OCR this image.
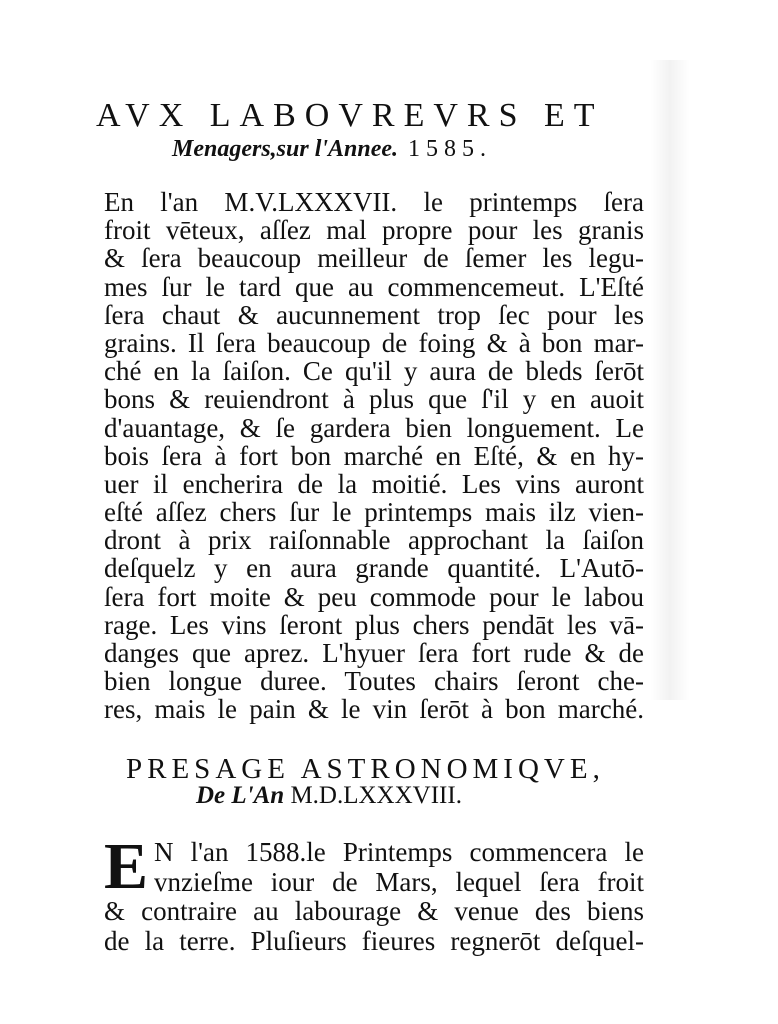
AVX LABOVREVRS ET
Menagers,sur l'Annee. 1585.
En l'an M.V.LXXXVII. le printemps ſera
froit vēteux, aſſez mal propre pour les granis
& ſera beaucoup meilleur de ſemer les legu-
mes ſur le tard que au commencemeut. L'Eſté
ſera chaut & aucunnement trop ſec pour les
grains. Il ſera beaucoup de foing & à bon mar-
ché en la ſaiſon. Ce qu'il y aura de bleds ſerōt
bons & reuiendront à plus que ſ'il y en auoit
d'auantage, & ſe gardera bien longuement. Le
bois ſera à fort bon marché en Eſté, & en hy-
uer il encherira de la moitié. Les vins auront
eſté aſſez chers ſur le printemps mais ilz vien-
dront à prix raiſonnable approchant la ſaiſon
deſquelz y en aura grande quantité. L'Autō-
ſera fort moite & peu commode pour le labou
rage. Les vins ſeront plus chers pendāt les vā-
danges que aprez. L'hyuer ſera fort rude & de
bien longue duree. Toutes chairs ſeront che-
res, mais le pain & le vin ſerōt à bon marché.
PRESAGE ASTRONOMIQVE,
De L'An M.D.LXXXVIII.
E N l'an 1588.le Printemps commencera le
vnzieſme iour de Mars, lequel ſera froit
& contraire au labourage & venue des biens
de la terre. Pluſieurs fieures regnerōt deſquel-
